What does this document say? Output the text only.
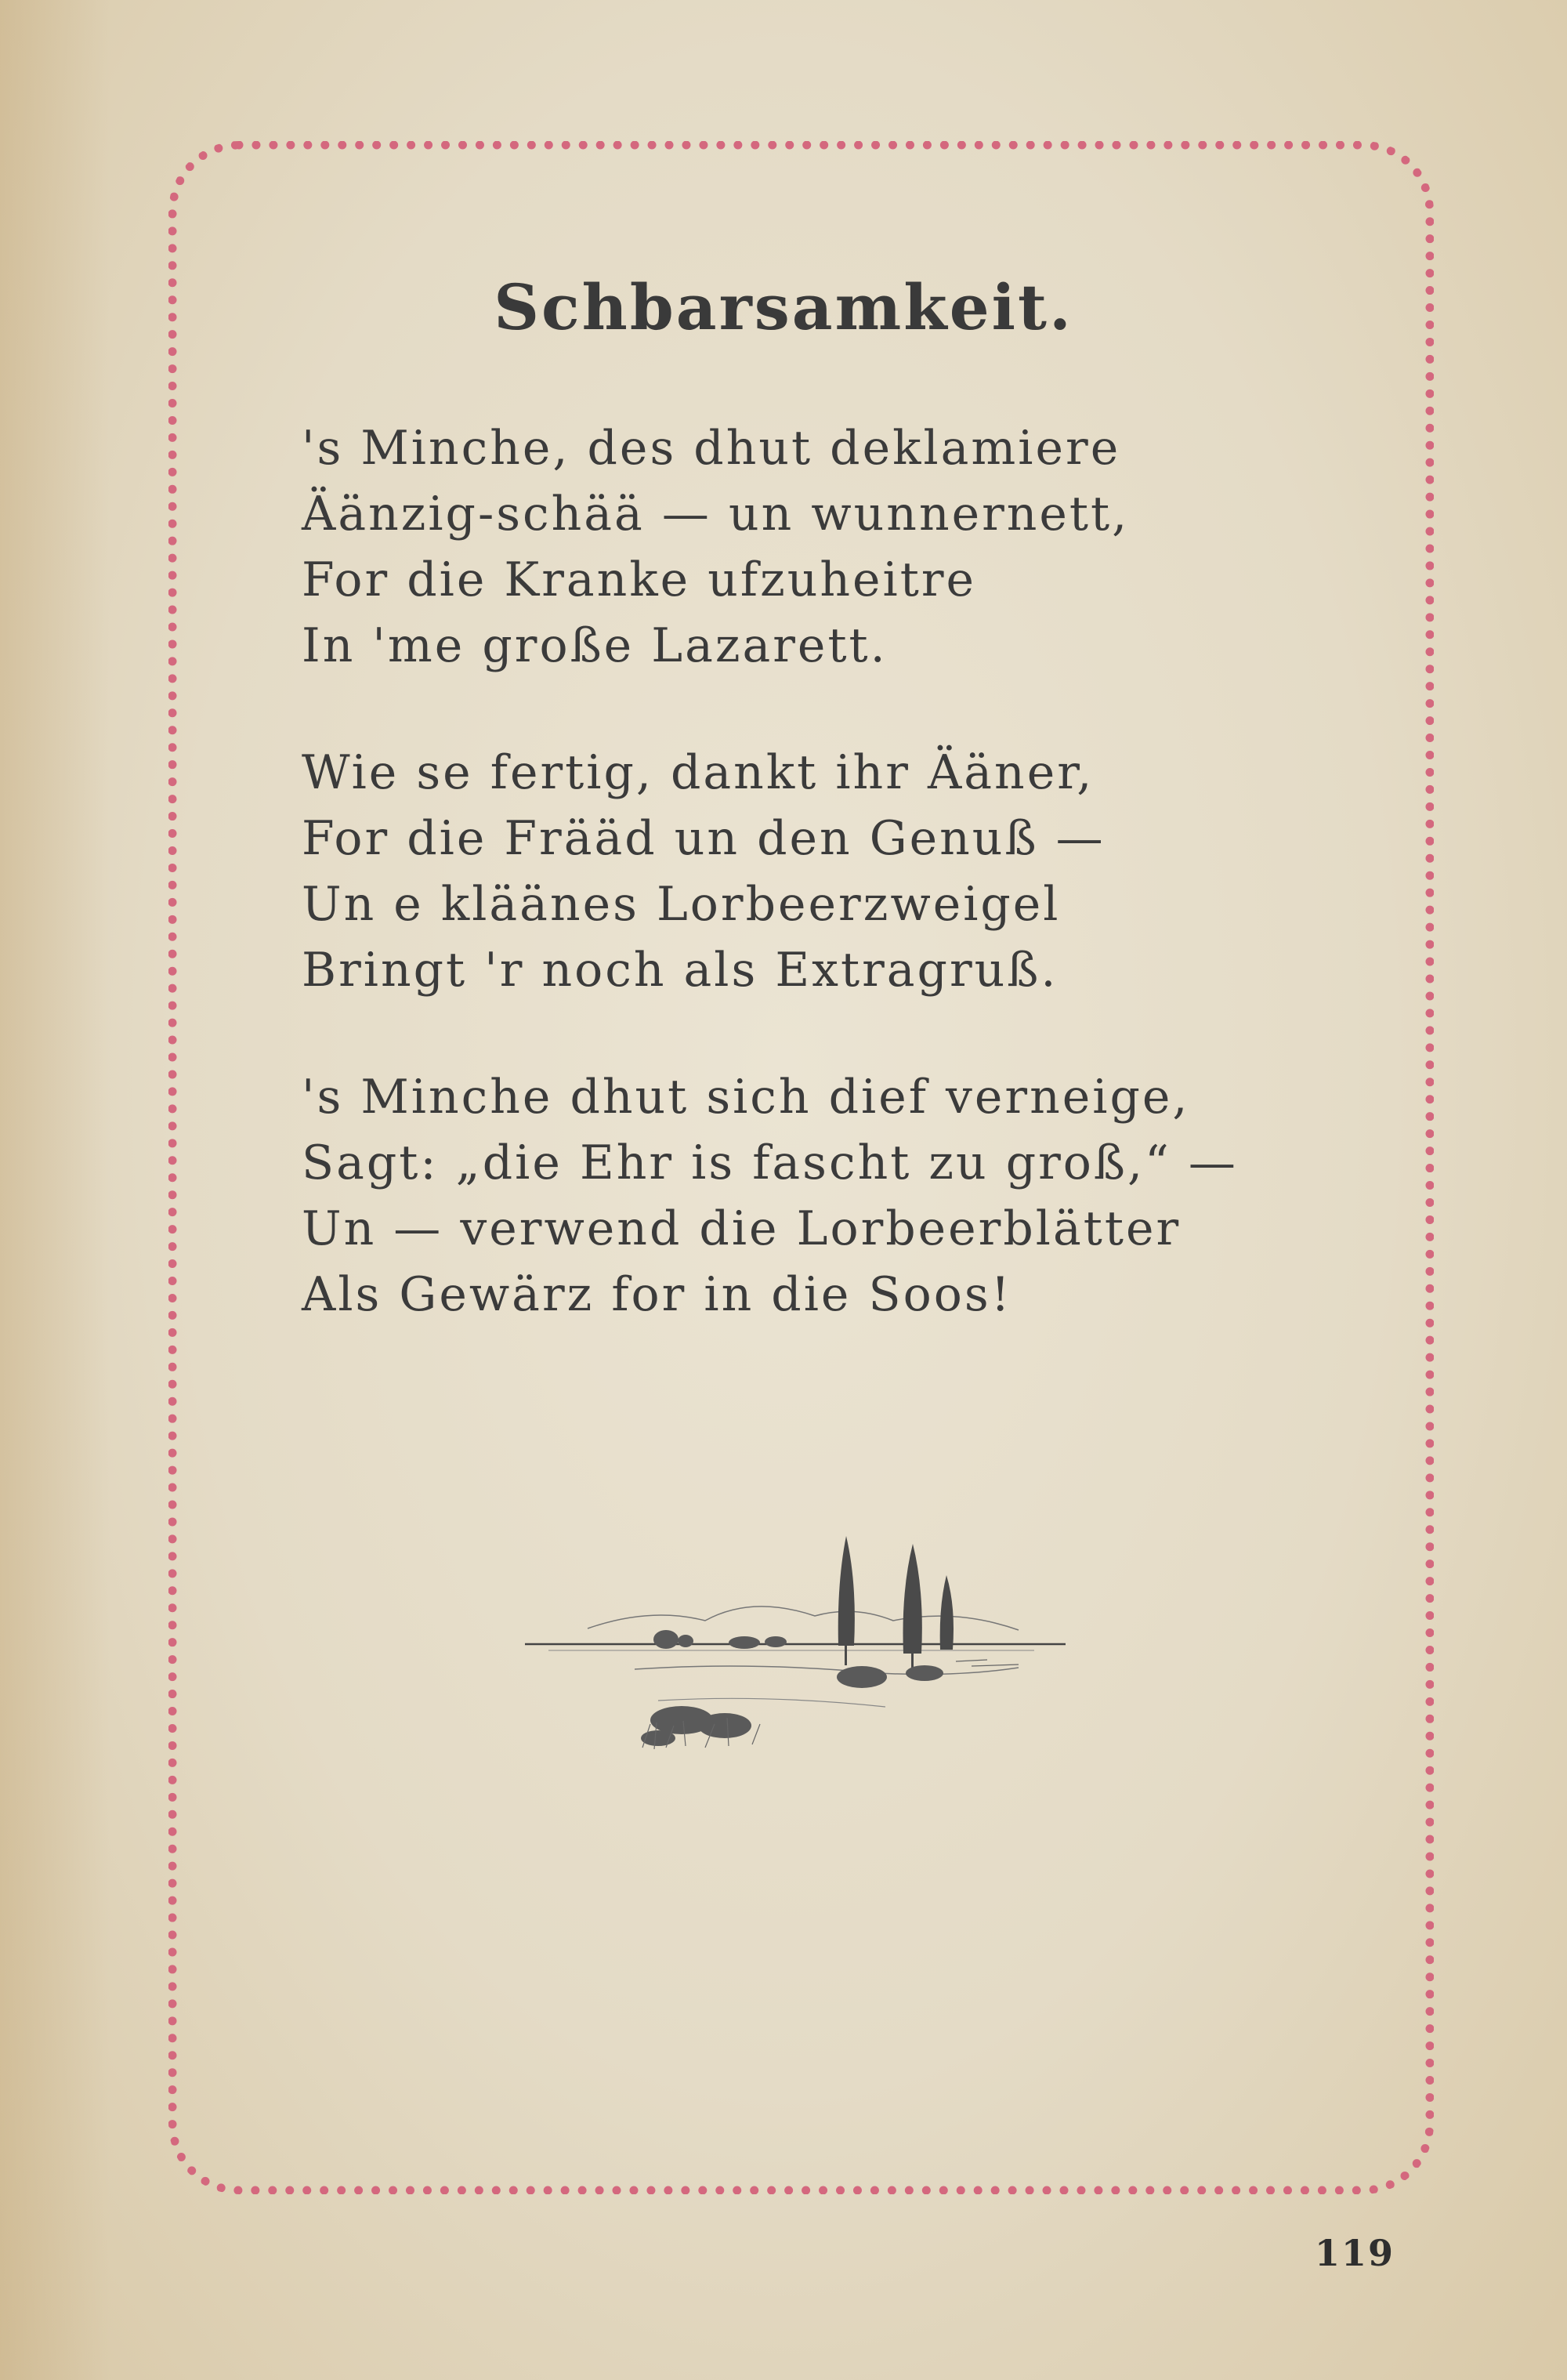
Schbarsamkeit.
's Minche, des dhut deklamiere
Äänzig-schää — un wunnernett,
For die Kranke ufzuheitre
In 'me große Lazarett.
Wie se fertig, dankt ihr Ääner,
For die Frääd un den Genuß —
Un e kläänes Lorbeerzweigel
Bringt 'r noch als Extragruß.
's Minche dhut sich dief verneige,
Sagt: „die Ehr is fascht zu groß,“ —
Un — verwend die Lorbeerblätter
Als Gewärz for in die Soos!
119
